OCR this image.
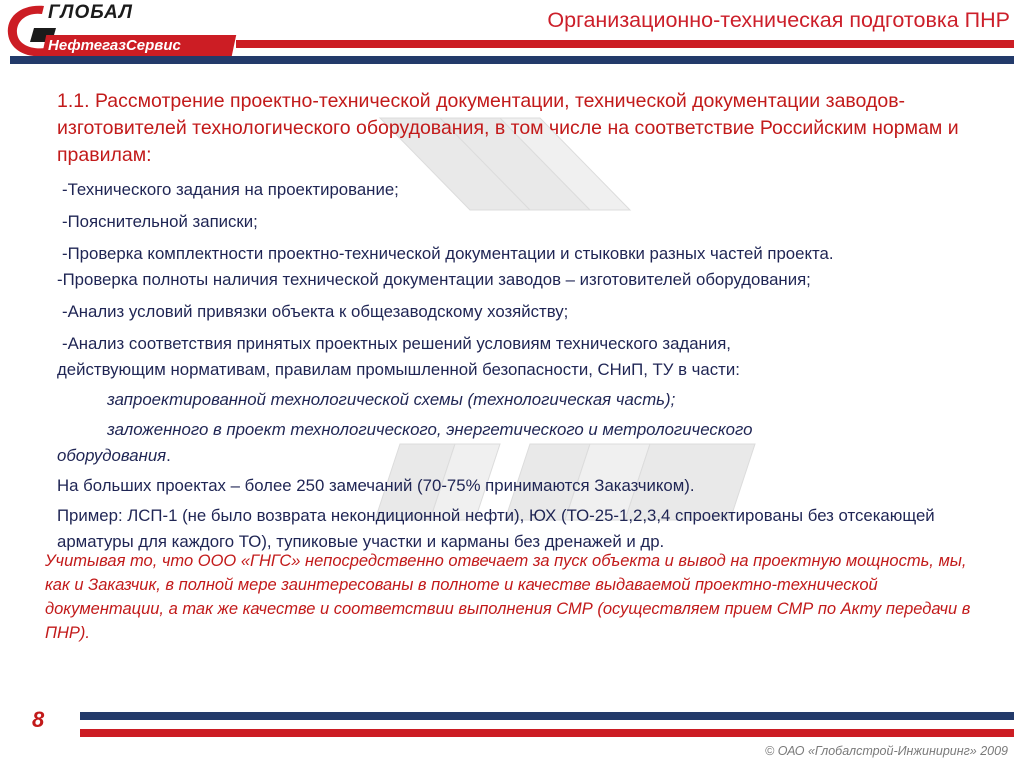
ГЛОБАЛ
НефтегазСервис
Организационно-техническая подготовка ПНР

1.1. Рассмотрение проектно-технической документации, технической документации заводов-изготовителей технологического оборудования, в том числе на соответствие Российским нормам и правилам:

-Технического задания на проектирование;

-Пояснительной записки;

-Проверка комплектности проектно-технической документации и стыковки разных частей проекта.

-Проверка полноты наличия технической документации заводов – изготовителей оборудования;

-Анализ условий привязки объекта к общезаводскому хозяйству;

-Анализ соответствия принятых проектных решений условиям технического задания,

действующим нормативам, правилам промышленной безопасности, СНиП, ТУ в части:

запроектированной технологической схемы (технологическая часть);

заложенного в проект технологического, энергетического и метрологического

оборудования.

На больших проектах – более 250 замечаний (70-75% принимаются Заказчиком).

Пример: ЛСП-1 (не было возврата некондиционной нефти), ЮХ (ТО-25-1,2,3,4 спроектированы без отсекающей арматуры для каждого ТО), тупиковые участки и карманы без дренажей и др.

Учитывая то, что ООО «ГНГС» непосредственно отвечает за пуск объекта и вывод на проектную мощность, мы, как и Заказчик, в полной мере заинтересованы в полноте и качестве выдаваемой проектно-технической документации, а так же качестве и соответствии выполнения СМР (осуществляем прием СМР по Акту передачи в ПНР).
8
© ОАО «Глобалстрой-Инжиниринг» 2009
